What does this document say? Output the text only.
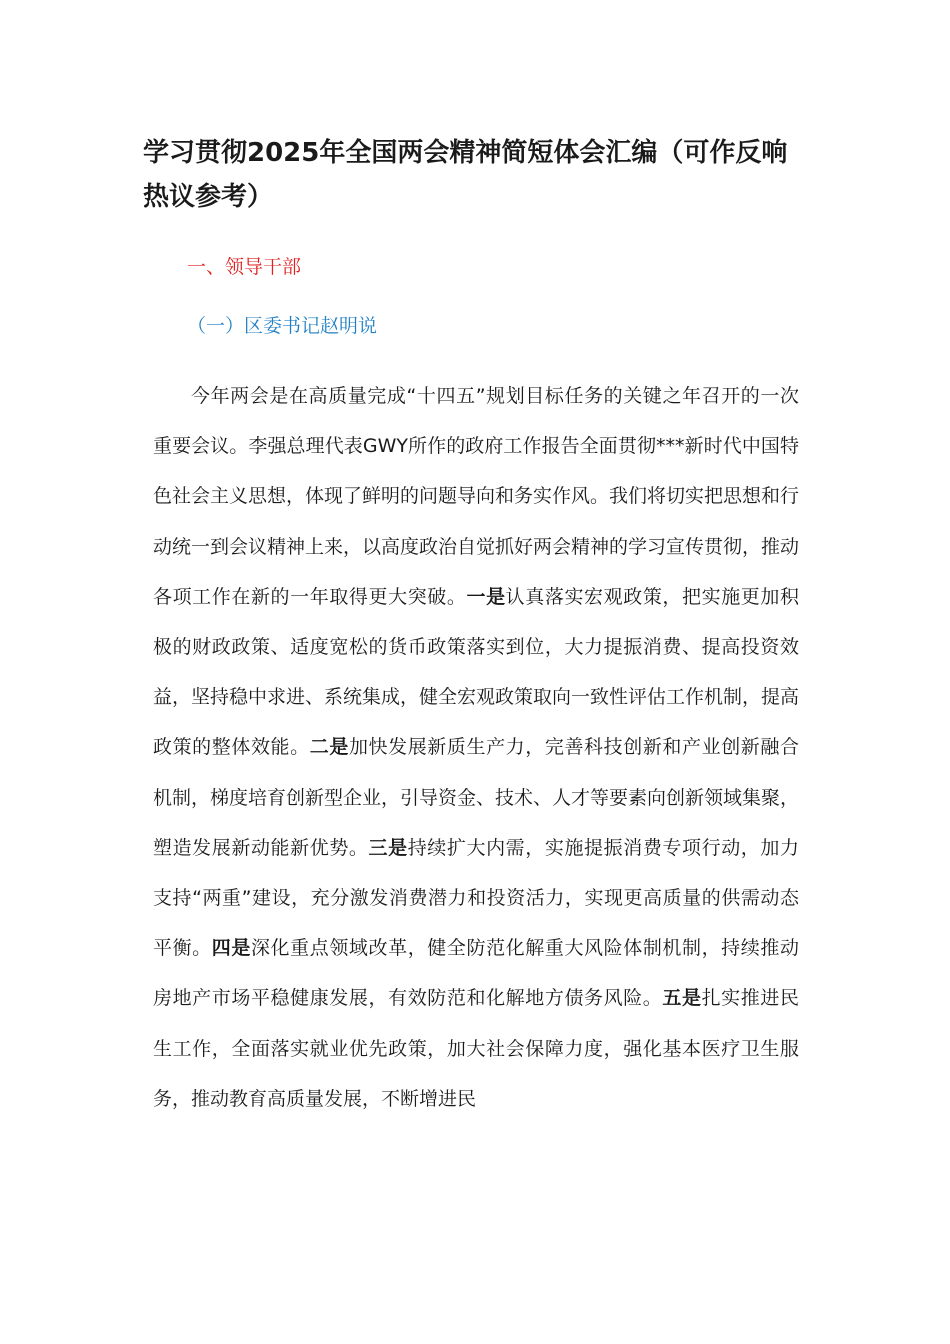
学习贯彻2025年全国两会精神简短体会汇编（可作反响热议参考）

一、领导干部

（一）区委书记赵明说

今年两会是在高质量完成“十四五”规划目标任务的关键之年召开的一次重要会议。李强总理代表GWY所作的政府工作报告全面贯彻***新时代中国特色社会主义思想，体现了鲜明的问题导向和务实作风。我们将切实把思想和行动统一到会议精神上来，以高度政治自觉抓好两会精神的学习宣传贯彻，推动各项工作在新的一年取得更大突破。一是认真落实宏观政策，把实施更加积极的财政政策、适度宽松的货币政策落实到位，大力提振消费、提高投资效益，坚持稳中求进、系统集成，健全宏观政策取向一致性评估工作机制，提高政策的整体效能。二是加快发展新质生产力，完善科技创新和产业创新融合机制，梯度培育创新型企业，引导资金、技术、人才等要素向创新领域集聚，塑造发展新动能新优势。三是持续扩大内需，实施提振消费专项行动，加力支持“两重”建设，充分激发消费潜力和投资活力，实现更高质量的供需动态平衡。四是深化重点领域改革，健全防范化解重大风险体制机制，持续推动房地产市场平稳健康发展，有效防范和化解地方债务风险。五是扎实推进民生工作，全面落实就业优先政策，加大社会保障力度，强化基本医疗卫生服务，推动教育高质量发展，不断增进民
